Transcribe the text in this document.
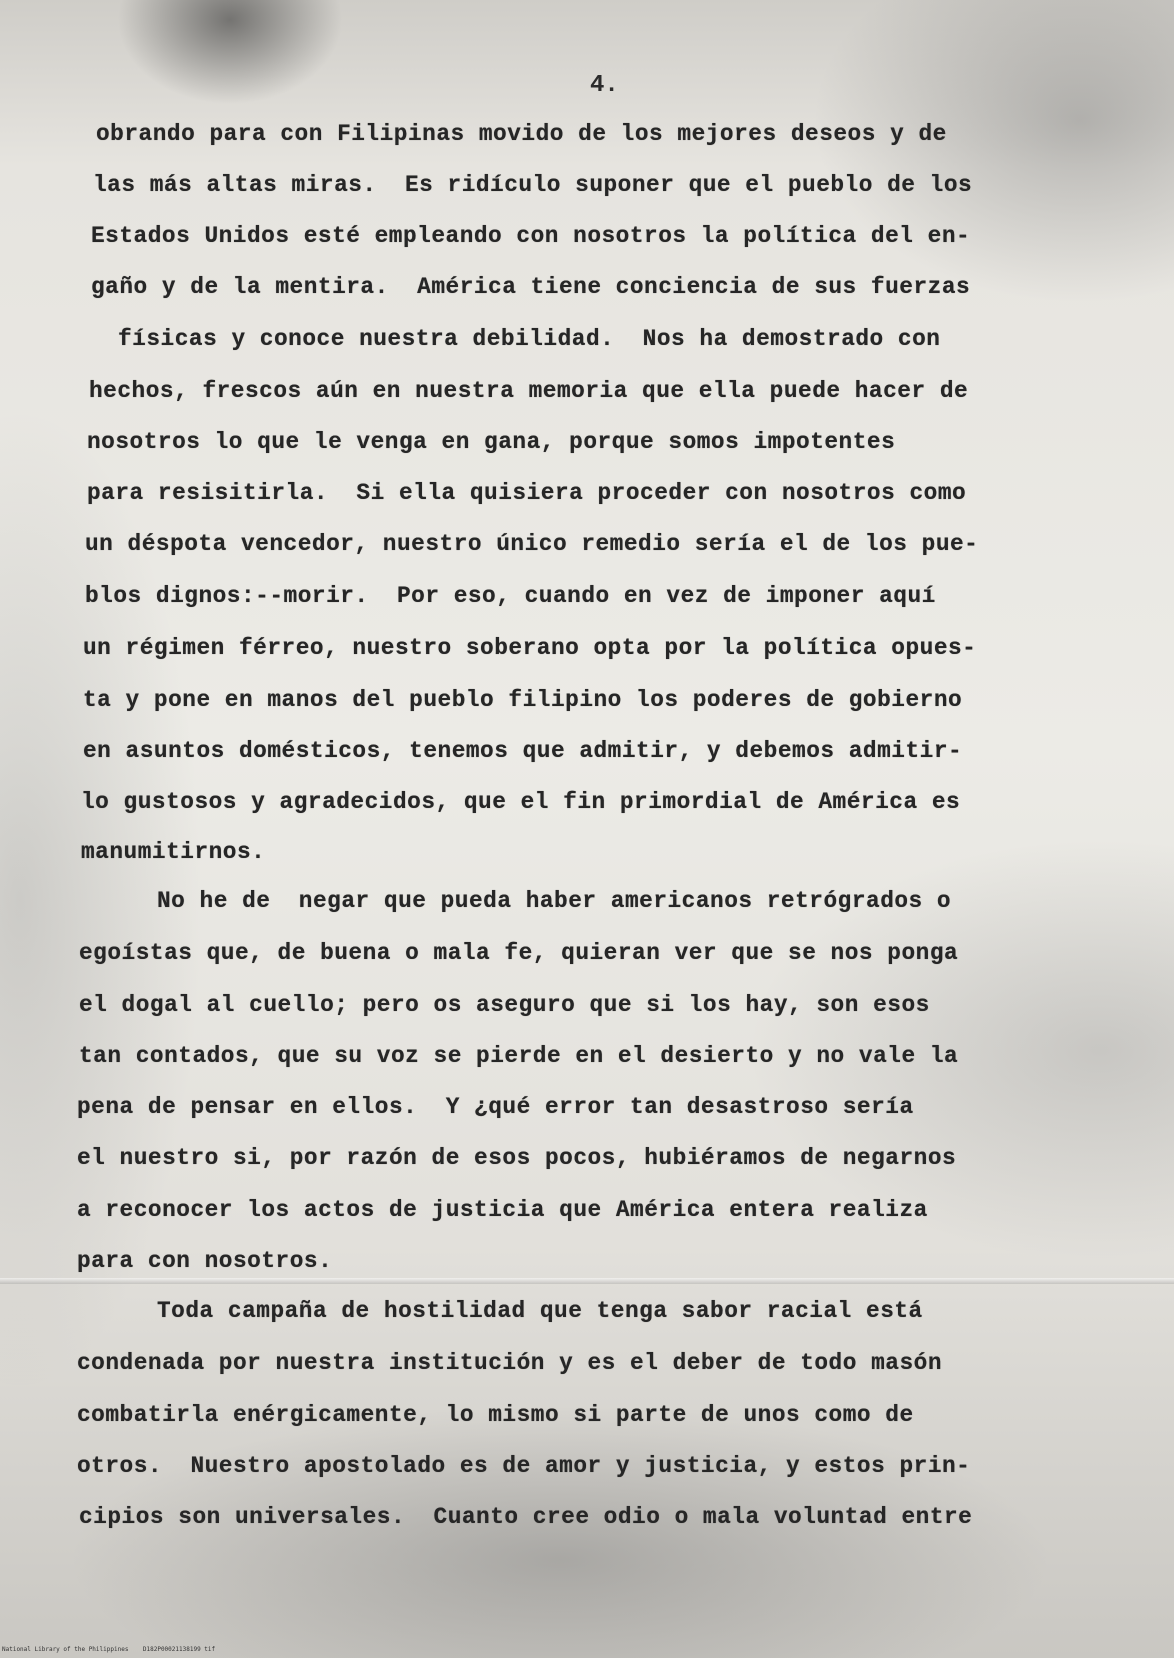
4.

obrando para con Filipinas movido de los mejores deseos y de

las más altas miras.  Es ridículo suponer que el pueblo de los

Estados Unidos esté empleando con nosotros la política del en-

gaño y de la mentira.  América tiene conciencia de sus fuerzas

físicas y conoce nuestra debilidad.  Nos ha demostrado con

hechos, frescos aún en nuestra memoria que ella puede hacer de

nosotros lo que le venga en gana, porque somos impotentes

para resisitirla.  Si ella quisiera proceder con nosotros como

un déspota vencedor, nuestro único remedio sería el de los pue-

blos dignos:--morir.  Por eso, cuando en vez de imponer aquí

un régimen férreo, nuestro soberano opta por la política opues-

ta y pone en manos del pueblo filipino los poderes de gobierno

en asuntos domésticos, tenemos que admitir, y debemos admitir-

lo gustosos y agradecidos, que el fin primordial de América es

manumitirnos.

No he de  negar que pueda haber americanos retrógrados o

egoístas que, de buena o mala fe, quieran ver que se nos ponga

el dogal al cuello; pero os aseguro que si los hay, son esos

tan contados, que su voz se pierde en el desierto y no vale la

pena de pensar en ellos.  Y ¿qué error tan desastroso sería

el nuestro si, por razón de esos pocos, hubiéramos de negarnos

a reconocer los actos de justicia que América entera realiza

para con nosotros.

Toda campaña de hostilidad que tenga sabor racial está

condenada por nuestra institución y es el deber de todo masón

combatirla enérgicamente, lo mismo si parte de unos como de

otros.  Nuestro apostolado es de amor y justicia, y estos prin-

cipios son universales.  Cuanto cree odio o mala voluntad entre

National Library of the Philippines    D182P00021138199 tif
